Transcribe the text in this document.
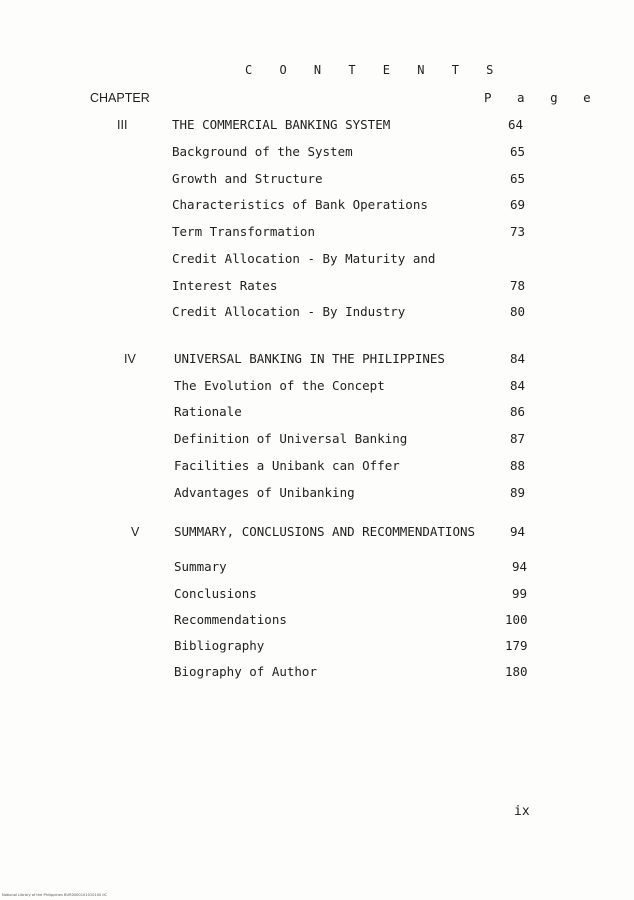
C O N T E N T S
CHAPTER	P a g e
III	THE COMMERCIAL BANKING SYSTEM	64
Background of the System	65
Growth and Structure	65
Characteristics of Bank Operations	69
Term Transformation	73
Credit Allocation - By Maturity and
Interest Rates	78
Credit Allocation - By Industry	80
IV	UNIVERSAL BANKING IN THE PHILIPPINES	84
The Evolution of the Concept	84
Rationale	86
Definition of Universal Banking	87
Facilities a Unibank can Offer	88
Advantages of Unibanking	89
V	SUMMARY, CONCLUSIONS AND RECOMMENDATIONS	94
Summary	94
Conclusions	99
Recommendations	100
Bibliography	179
Biography of Author	180
ix
National Library of the Philippines BUR0000101010100 IIC
